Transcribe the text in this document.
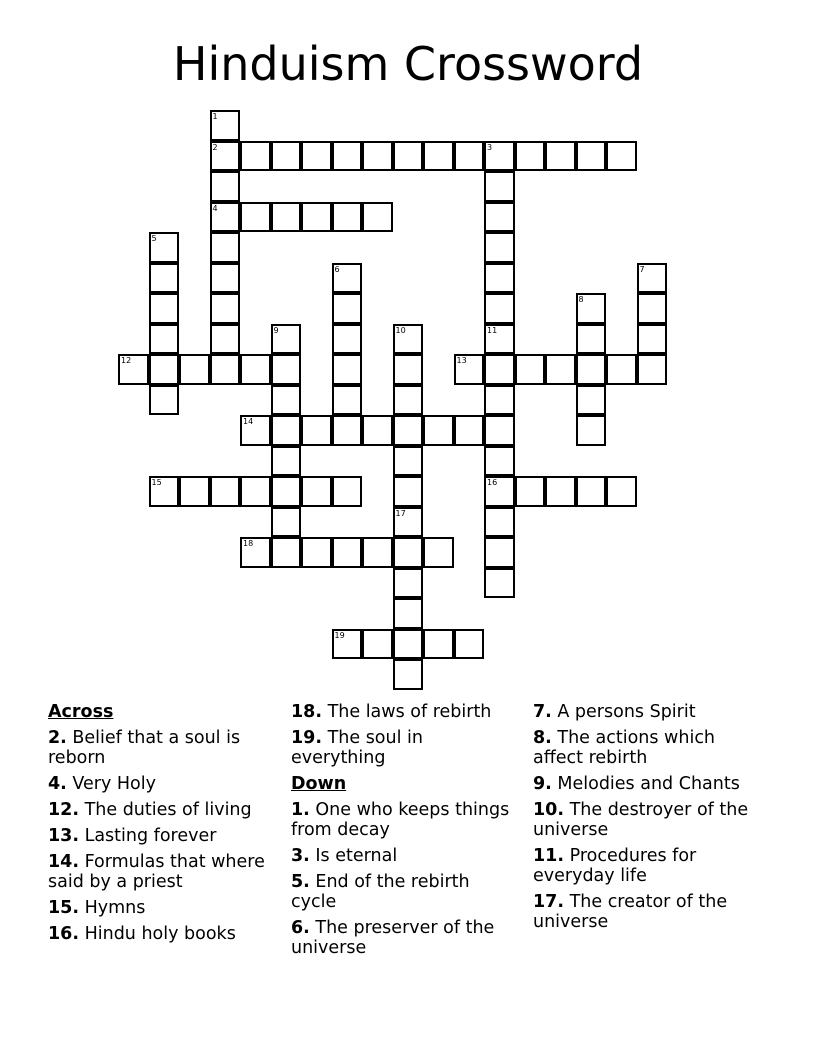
Hinduism Crossword
1
2
4
3
5
6	7
8
9	10	11
16
12	13
14
15
17
18
19
Across
2. Belief that a soul is reborn
4. Very Holy
12. The duties of living
13. Lasting forever
14. Formulas that where said by a priest
15. Hymns
16. Hindu holy books
18. The laws of rebirth
19. The soul in everything
Down
1. One who keeps things from decay
3. Is eternal
5. End of the rebirth cycle
6. The preserver of the universe
7. A persons Spirit
8. The actions which affect rebirth
9. Melodies and Chants
10. The destroyer of the universe
11. Procedures for everyday life
17. The creator of the universe
